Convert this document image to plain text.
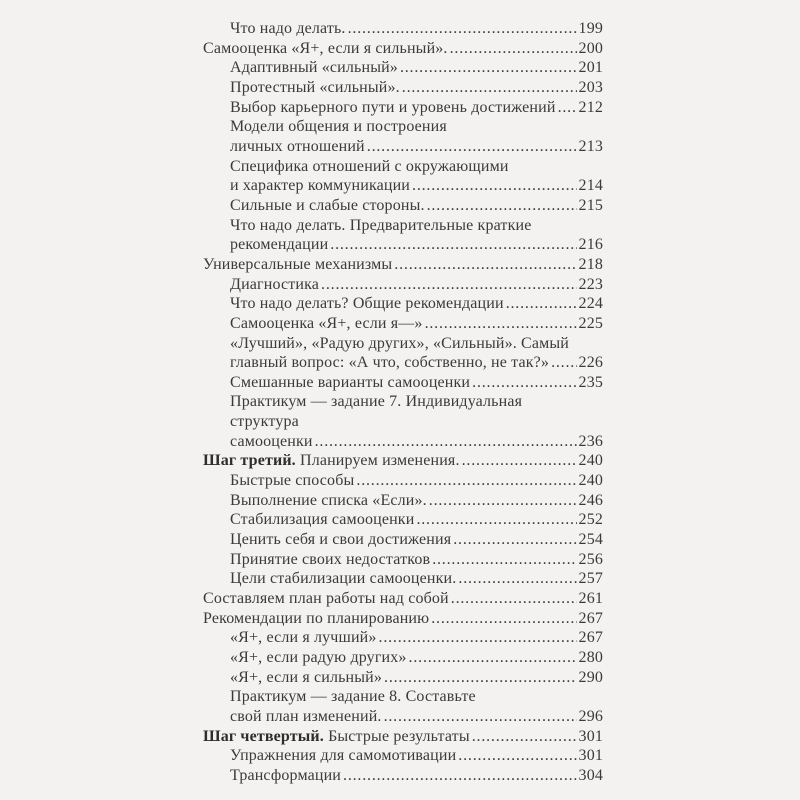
Что надо делать. . . .	199
Самооценка «Я+, если я сильный». . . .	200
Адаптивный «сильный» . . .	201
Протестный «сильный». . . .	203
Выбор карьерного пути и уровень достижений . . . 212
Модели общения и построения
личных отношений . . .	213
Специфика отношений с окружающими
и характер коммуникации . . .	214
Сильные и слабые стороны. . . .	215
Что надо делать. Предварительные краткие
рекомендации . . .	216
Универсальные механизмы . . .	218
Диагностика . . .	223
Что надо делать? Общие рекомендации . . .	224
Самооценка «Я+, если я—» . . .	225
«Лучший», «Радую других», «Сильный». Самый
главный вопрос: «А что, собственно, не так?» . . . 226
Смешанные варианты самооценки . . .	235
Практикум — задание 7. Индивидуальная
структура
самооценки . . .	236
Шаг третий. Планируем изменения. . . .	240
Быстрые способы . . .	240
Выполнение списка «Если». . . .	246
Стабилизация самооценки . . .	252
Ценить себя и свои достижения . . .	254
Принятие своих недостатков . . .	256
Цели стабилизации самооценки. . . .	257
Составляем план работы над собой . . .	261
Рекомендации по планированию . . .	267
«Я+, если я лучший» . . .	267
«Я+, если радую других» . . .	280
«Я+, если я сильный» . . .	290
Практикум — задание 8. Составьте
свой план изменений. . . .	296
Шаг четвертый. Быстрые результаты . . .	301
Упражнения для самомотивации . . .	301
Трансформации . . .	304
